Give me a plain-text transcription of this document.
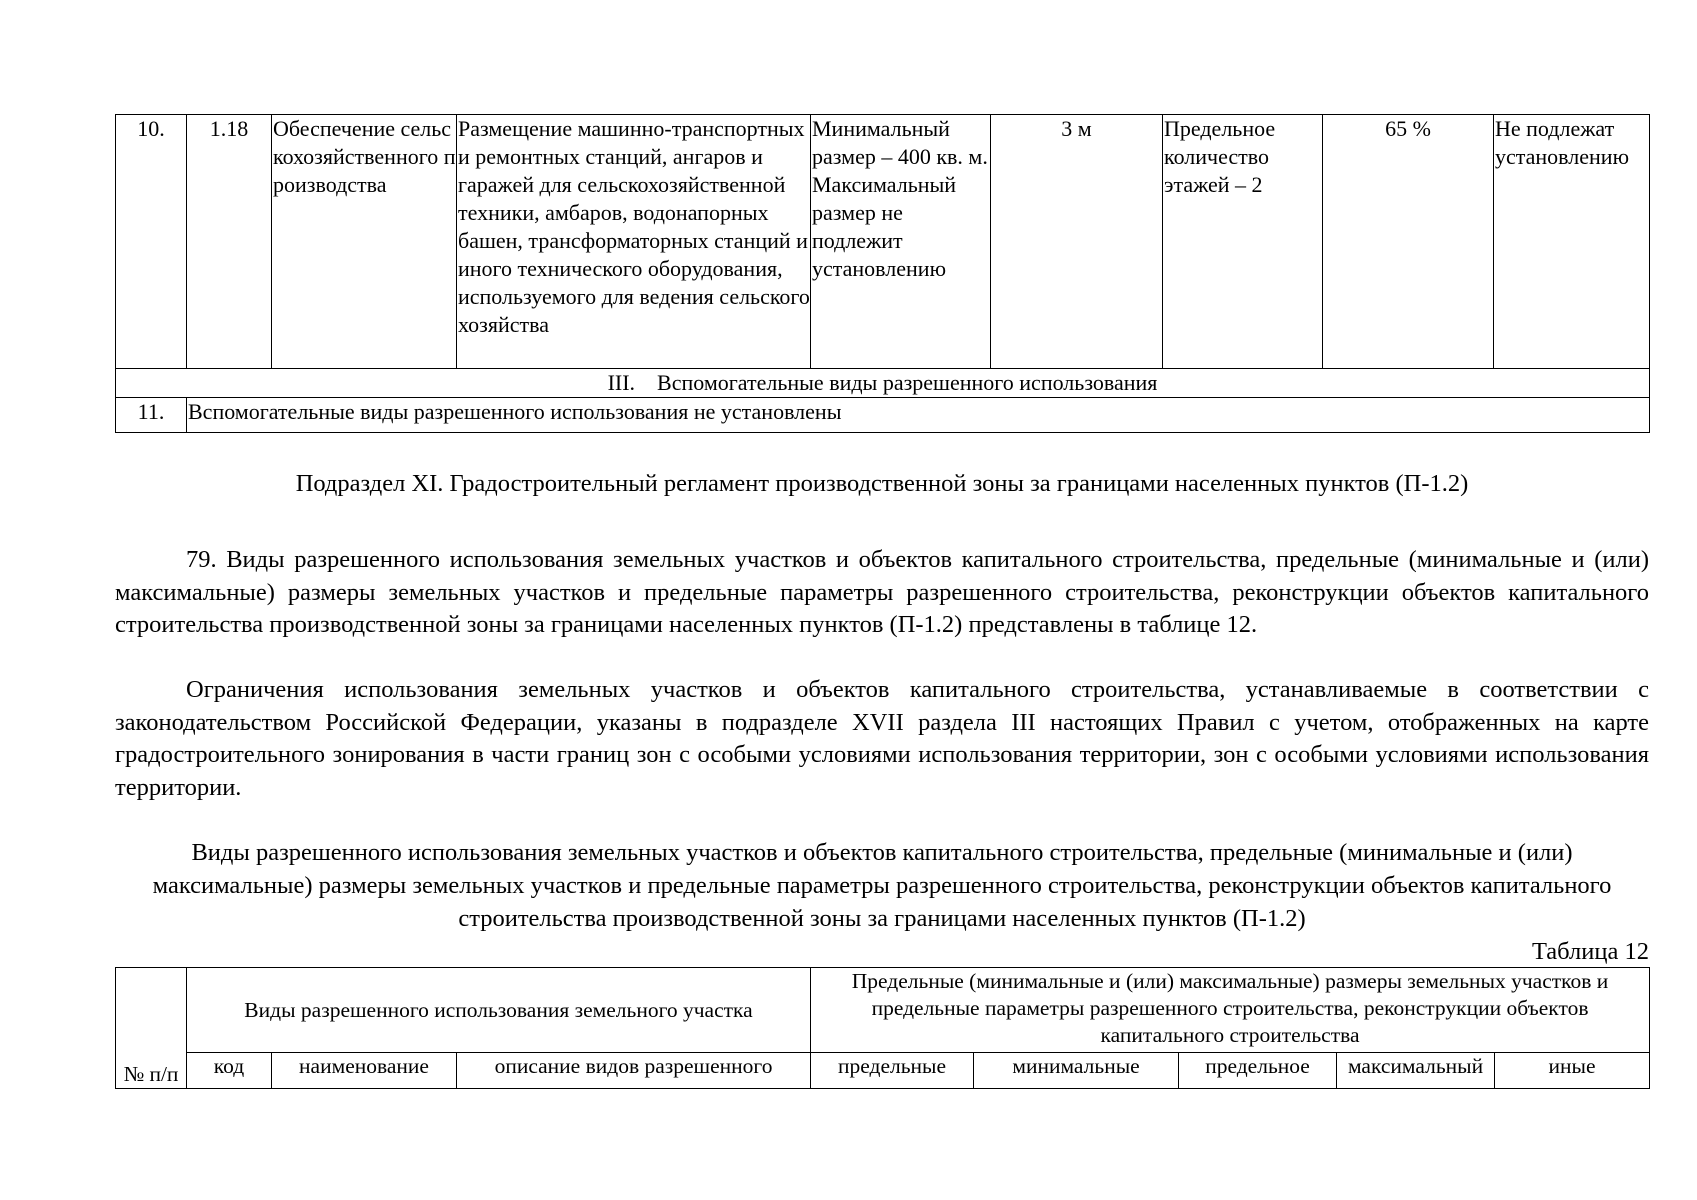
10.	1.18	Обеспечение сельскохозяйственного производства	Размещение машинно-транспортных и ремонтных станций, ангаров и гаражей для сельскохозяйственной техники, амбаров, водонапорных башен, трансформаторных станций и иного технического оборудования, используемого для ведения сельского хозяйства	Минимальный размер – 400 кв. м. Максимальный размер не подлежит установлению	3 м	Предельное количество этажей – 2	65 %	Не подлежат установлению
III.    Вспомогательные виды разрешенного использования								
11.	Вспомогательные виды разрешенного использования не установлены							
Подраздел XI. Градостроительный регламент производственной зоны за границами населенных пунктов (П-1.2)
79. Виды разрешенного использования земельных участков и объектов капитального строительства, предельные (минимальные и (или) максимальные) размеры земельных участков и предельные параметры разрешенного строительства, реконструкции объектов капитального строительства производственной зоны за границами населенных пунктов (П-1.2) представлены в таблице 12.
Ограничения использования земельных участков и объектов капитального строительства, устанавливаемые в соответствии с законодательством Российской Федерации, указаны в подразделе XVII раздела III настоящих Правил с учетом, отображенных на карте градостроительного зонирования в части границ зон с особыми условиями использования территории, зон с особыми условиями использования территории.
Виды разрешенного использования земельных участков и объектов капитального строительства, предельные (минимальные и (или) максимальные) размеры земельных участков и предельные параметры разрешенного строительства, реконструкции объектов капитального строительства производственной зоны за границами населенных пунктов (П-1.2)
Таблица 12
№ п/п	Виды разрешенного использования земельного участка			Предельные (минимальные и (или) максимальные) размеры земельных участков и предельные параметры разрешенного строительства, реконструкции объектов капитального строительства				
	код	наименование	описание видов разрешенного	предельные	минимальные	предельное	максимальный	иные
